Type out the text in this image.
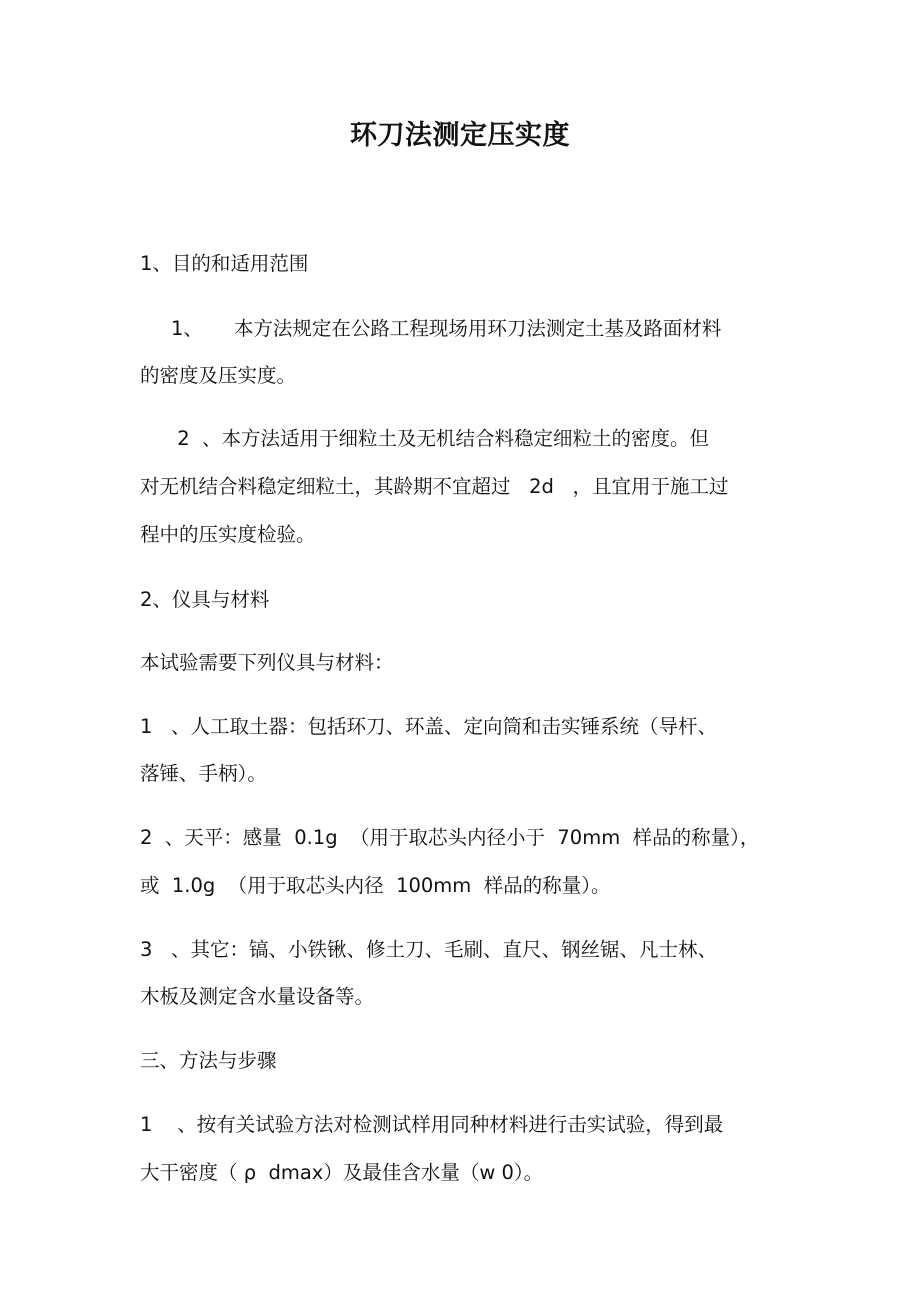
环刀法测定压实度
1、目的和适用范围
1、     本方法规定在公路工程现场用环刀法测定土基及路面材料
的密度及压实度。
2  、本方法适用于细粒土及无机结合料稳定细粒土的密度。但
对无机结合料稳定细粒土，其龄期不宜超过   2d   ，且宜用于施工过
程中的压实度检验。
2、仪具与材料
本试验需要下列仪具与材料：
1   、人工取土器：包括环刀、环盖、定向筒和击实锤系统（导杆、
落锤、手柄）。
2  、天平：感量  0.1g  （用于取芯头内径小于  70mm  样品的称量），
或  1.0g  （用于取芯头内径  100mm  样品的称量）。
3   、其它：镐、小铁锹、修土刀、毛刷、直尺、钢丝锯、凡士林、
木板及测定含水量设备等。
三、方法与步骤
1    、按有关试验方法对检测试样用同种材料进行击实试验，得到最
大干密度（ ρ  dmax）及最佳含水量（w 0）。
